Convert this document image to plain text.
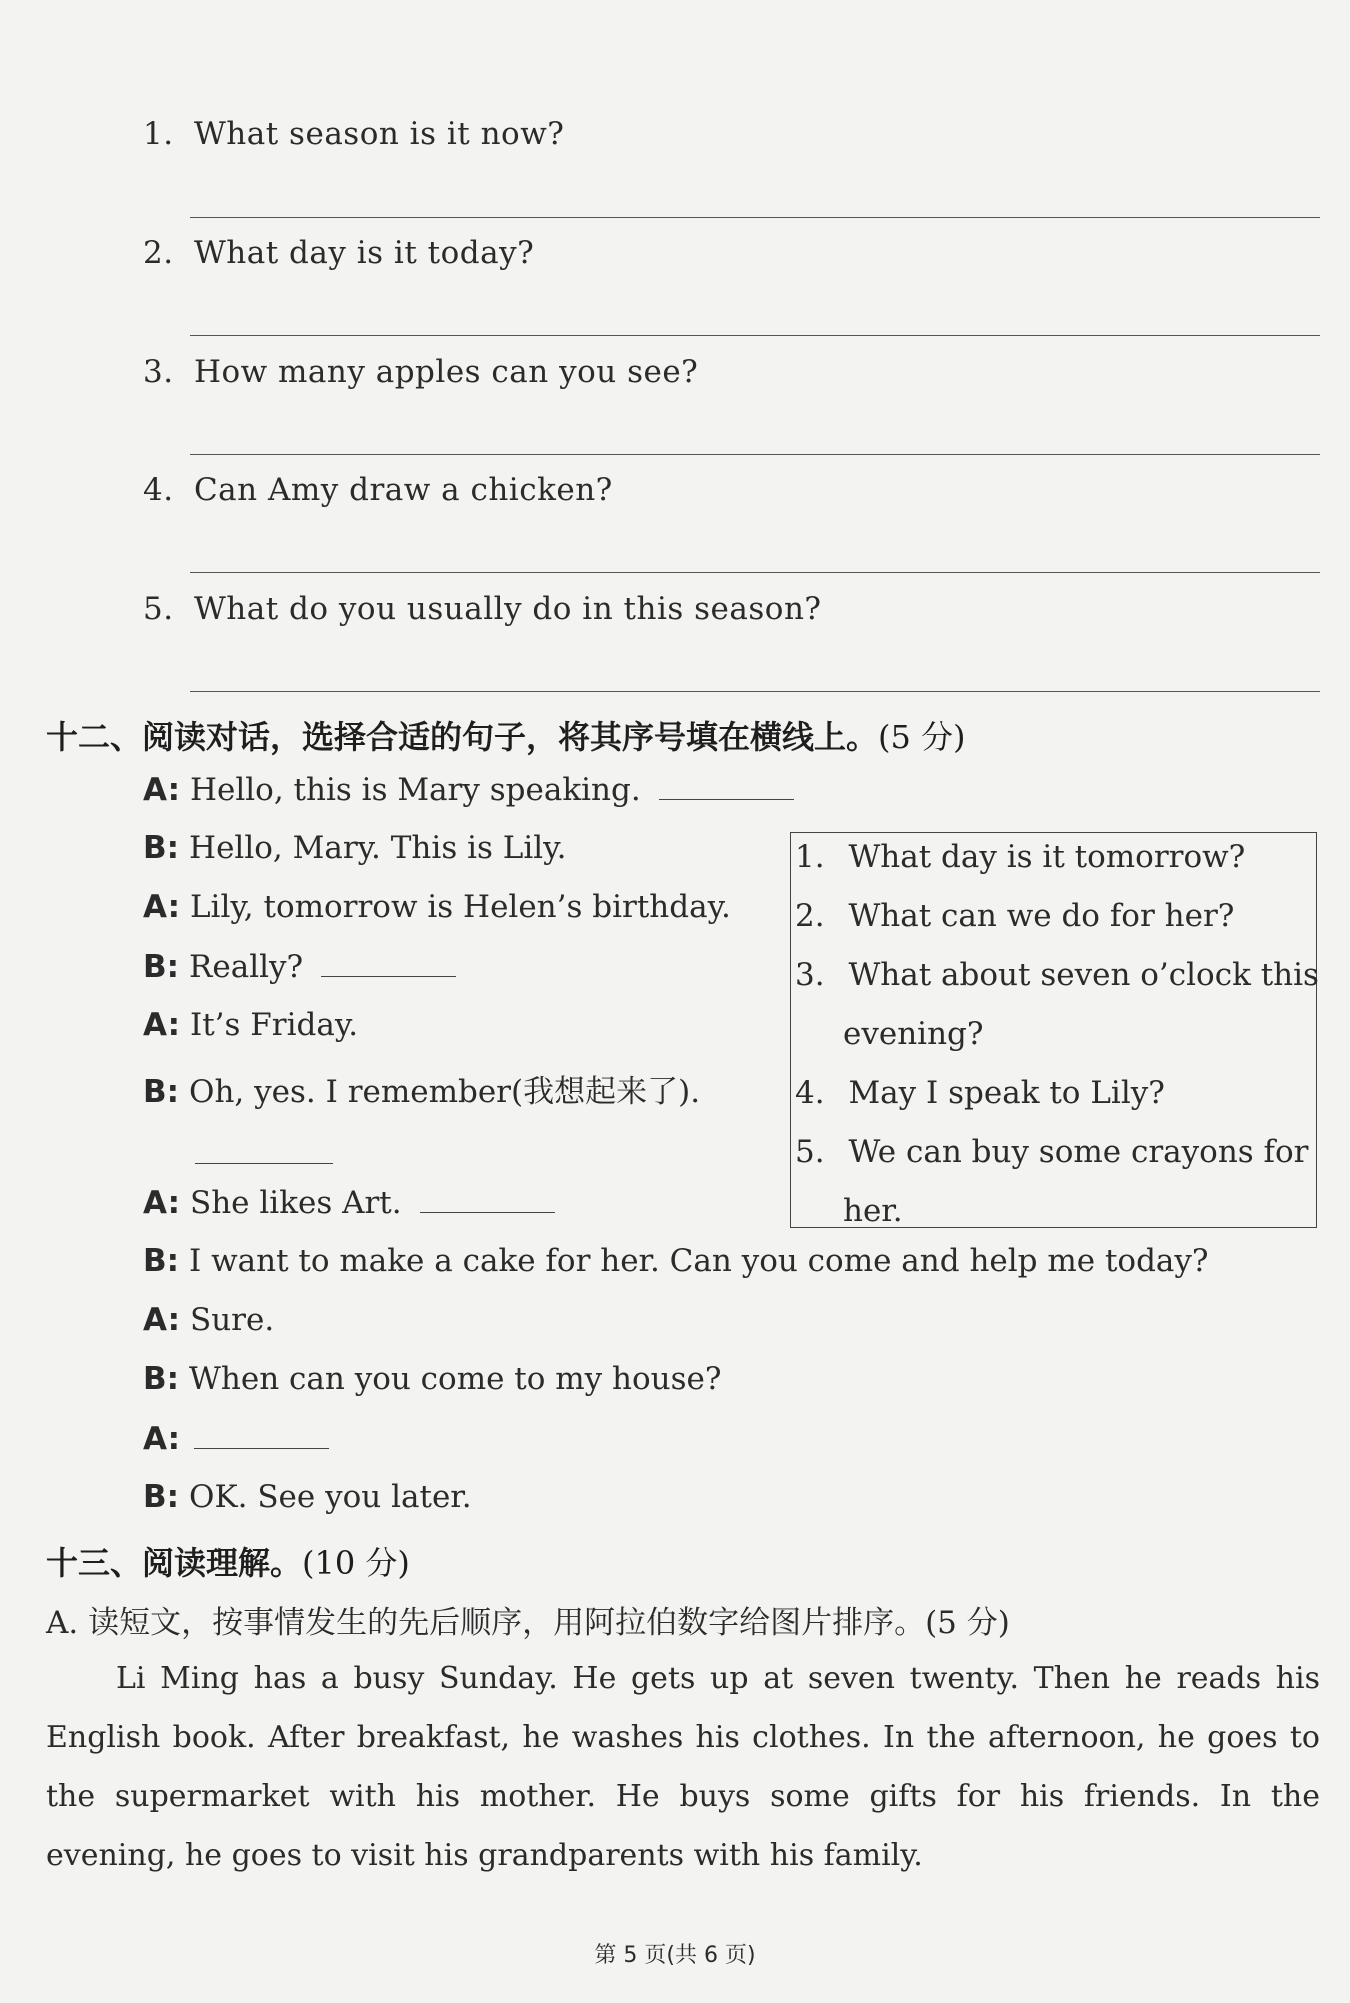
1. What season is it now?
2. What day is it today?
3. How many apples can you see?
4. Can Amy draw a chicken?
5. What do you usually do in this season?
十二、阅读对话，选择合适的句子，将其序号填在横线上。(5 分)
A: Hello, this is Mary speaking.
B: Hello, Mary. This is Lily.
A: Lily, tomorrow is Helen’s birthday.
B: Really?
A: It’s Friday.
B: Oh, yes. I remember(我想起来了).
A: She likes Art.
B: I want to make a cake for her. Can you come and help me today?
A: Sure.
B: When can you come to my house?
A:
B: OK. See you later.
1. What day is it tomorrow?
2. What can we do for her?
3. What about seven o’clock this
evening?
4. May I speak to Lily?
5. We can buy some crayons for
her.
十三、阅读理解。(10 分)
A. 读短文，按事情发生的先后顺序，用阿拉伯数字给图片排序。(5 分)

Li Ming has a busy Sunday. He gets up at seven twenty. Then he reads his English book. After breakfast, he washes his clothes. In the afternoon, he goes to the supermarket with his mother. He buys some gifts for his friends. In the evening, he goes to visit his grandparents with his family.

第 5 页(共 6 页)
